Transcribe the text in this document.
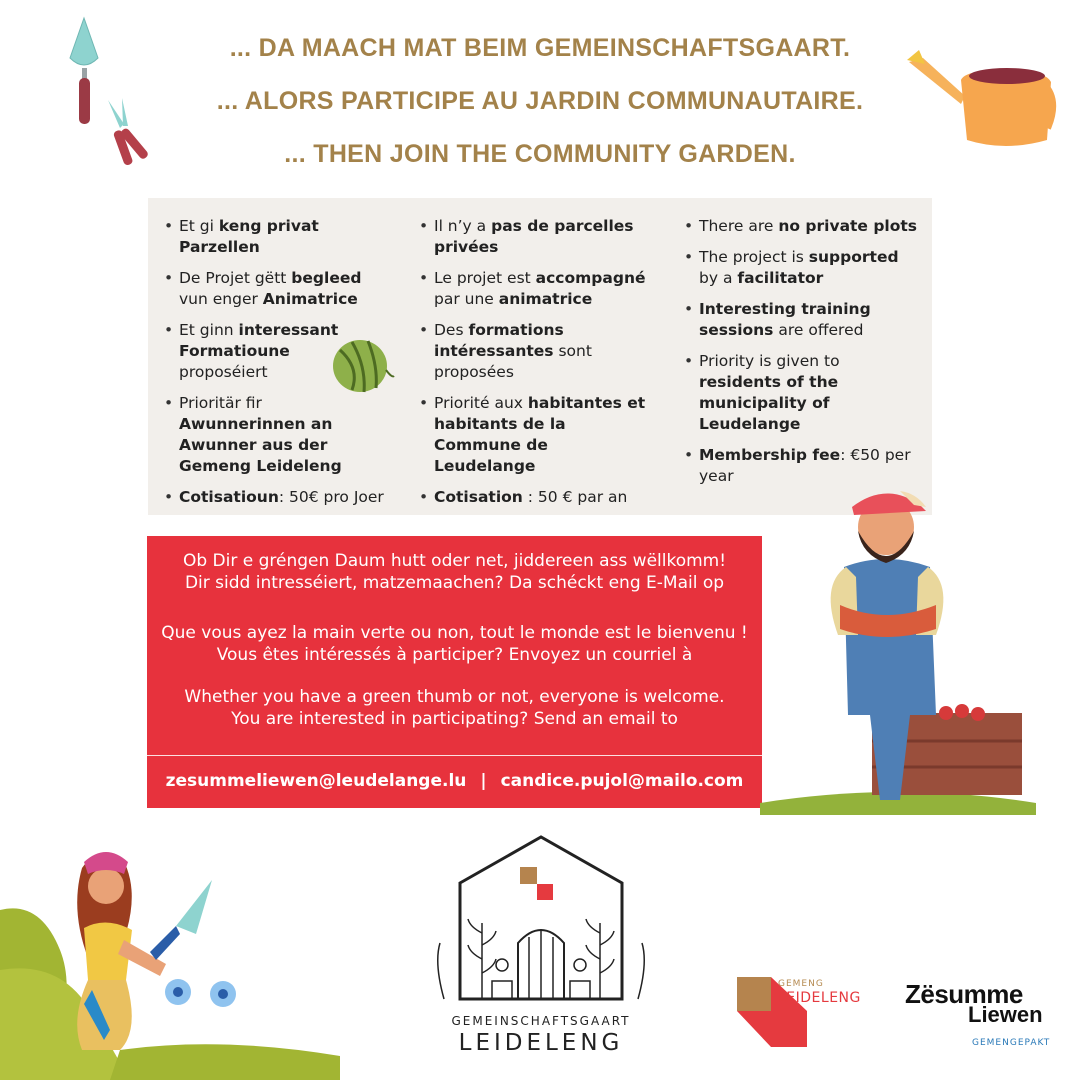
... DA MAACH MAT BEIM GEMEINSCHAFTSGAART.
... ALORS PARTICIPE AU JARDIN COMMUNAUTAIRE.
... THEN JOIN THE COMMUNITY GARDEN.
• Et gi keng privat Parzellen
• De Projet gëtt begleed
vun enger Animatrice
• Et ginn interessant Formatioune
proposéiert
• Prioritär fir
Awunnerinnen an Awunner aus der Gemeng Leideleng
• Cotisatioun: 50€ pro Joer
• Il n’y a pas de parcelles privées
• Le projet est accompagné
par une animatrice
• Des formations intéressantes sont proposées
• Priorité aux habitantes et habitants de la Commune de Leudelange
• Cotisation : 50 € par an
• There are no private plots
• The project is supported
by a facilitator
• Interesting training sessions are offered
• Priority is given to
residents of the municipality of Leudelange
• Membership fee: €50 per year

Ob Dir e gréngen Daum hutt oder net, jiddereen ass wëllkomm!

Dir sidd intresséiert, matzemaachen? Da schéckt eng E-Mail op

Que vous ayez la main verte ou non, tout le monde est le bienvenu !

Vous êtes intéressés à participer? Envoyez un courriel à

Whether you have a green thumb or not, everyone is welcome.

You are interested in participating? Send an email to

zesummeliewen@leudelange.lu | candice.pujol@mailo.com
GEMEINSCHAFTSGAART
LEIDELENG
GEMENG
LEIDELENG Zësumme
Liewen
GEMENGEPAKT
